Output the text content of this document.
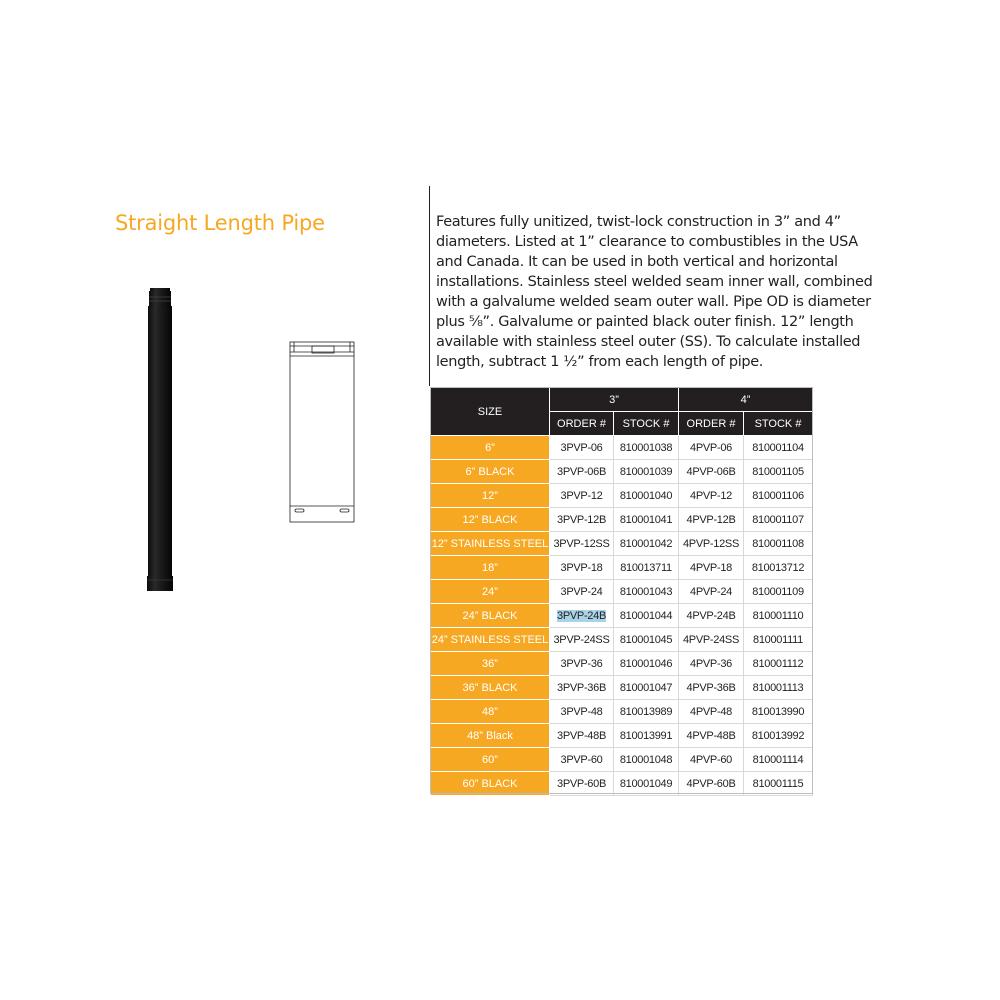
Straight Length Pipe	Features fully unitized, twist-lock construction in 3” and 4” diameters. Listed at 1” clearance to combustibles in the USA and Canada. It can be used in both vertical and horizontal installations. Stainless steel welded seam inner wall, combined with a galvalume welded seam outer wall. Pipe OD is diameter plus ⅝”. Galvalume or painted black outer finish. 12” length available with stainless steel outer (SS). To calculate installed length, subtract 1 ½” from each length of pipe.

SIZE	3”		4”	
	ORDER #	STOCK #	ORDER #	STOCK #
6”	3PVP-06	810001038	4PVP-06	810001104
6” BLACK	3PVP-06B	810001039	4PVP-06B	810001105
12”	3PVP-12	810001040	4PVP-12	810001106
12” BLACK	3PVP-12B	810001041	4PVP-12B	810001107
12” STAINLESS STEEL	3PVP-12SS	810001042	4PVP-12SS	810001108
18”	3PVP-18	810013711	4PVP-18	810013712
24”	3PVP-24	810001043	4PVP-24	810001109
24” BLACK	3PVP-24B	810001044	4PVP-24B	810001110
24” STAINLESS STEEL	3PVP-24SS	810001045	4PVP-24SS	810001111
36”	3PVP-36	810001046	4PVP-36	810001112
36” BLACK	3PVP-36B	810001047	4PVP-36B	810001113
48”	3PVP-48	810013989	4PVP-48	810013990
48” Black	3PVP-48B	810013991	4PVP-48B	810013992
60”	3PVP-60	810001048	4PVP-60	810001114
60” BLACK	3PVP-60B	810001049	4PVP-60B	810001115
